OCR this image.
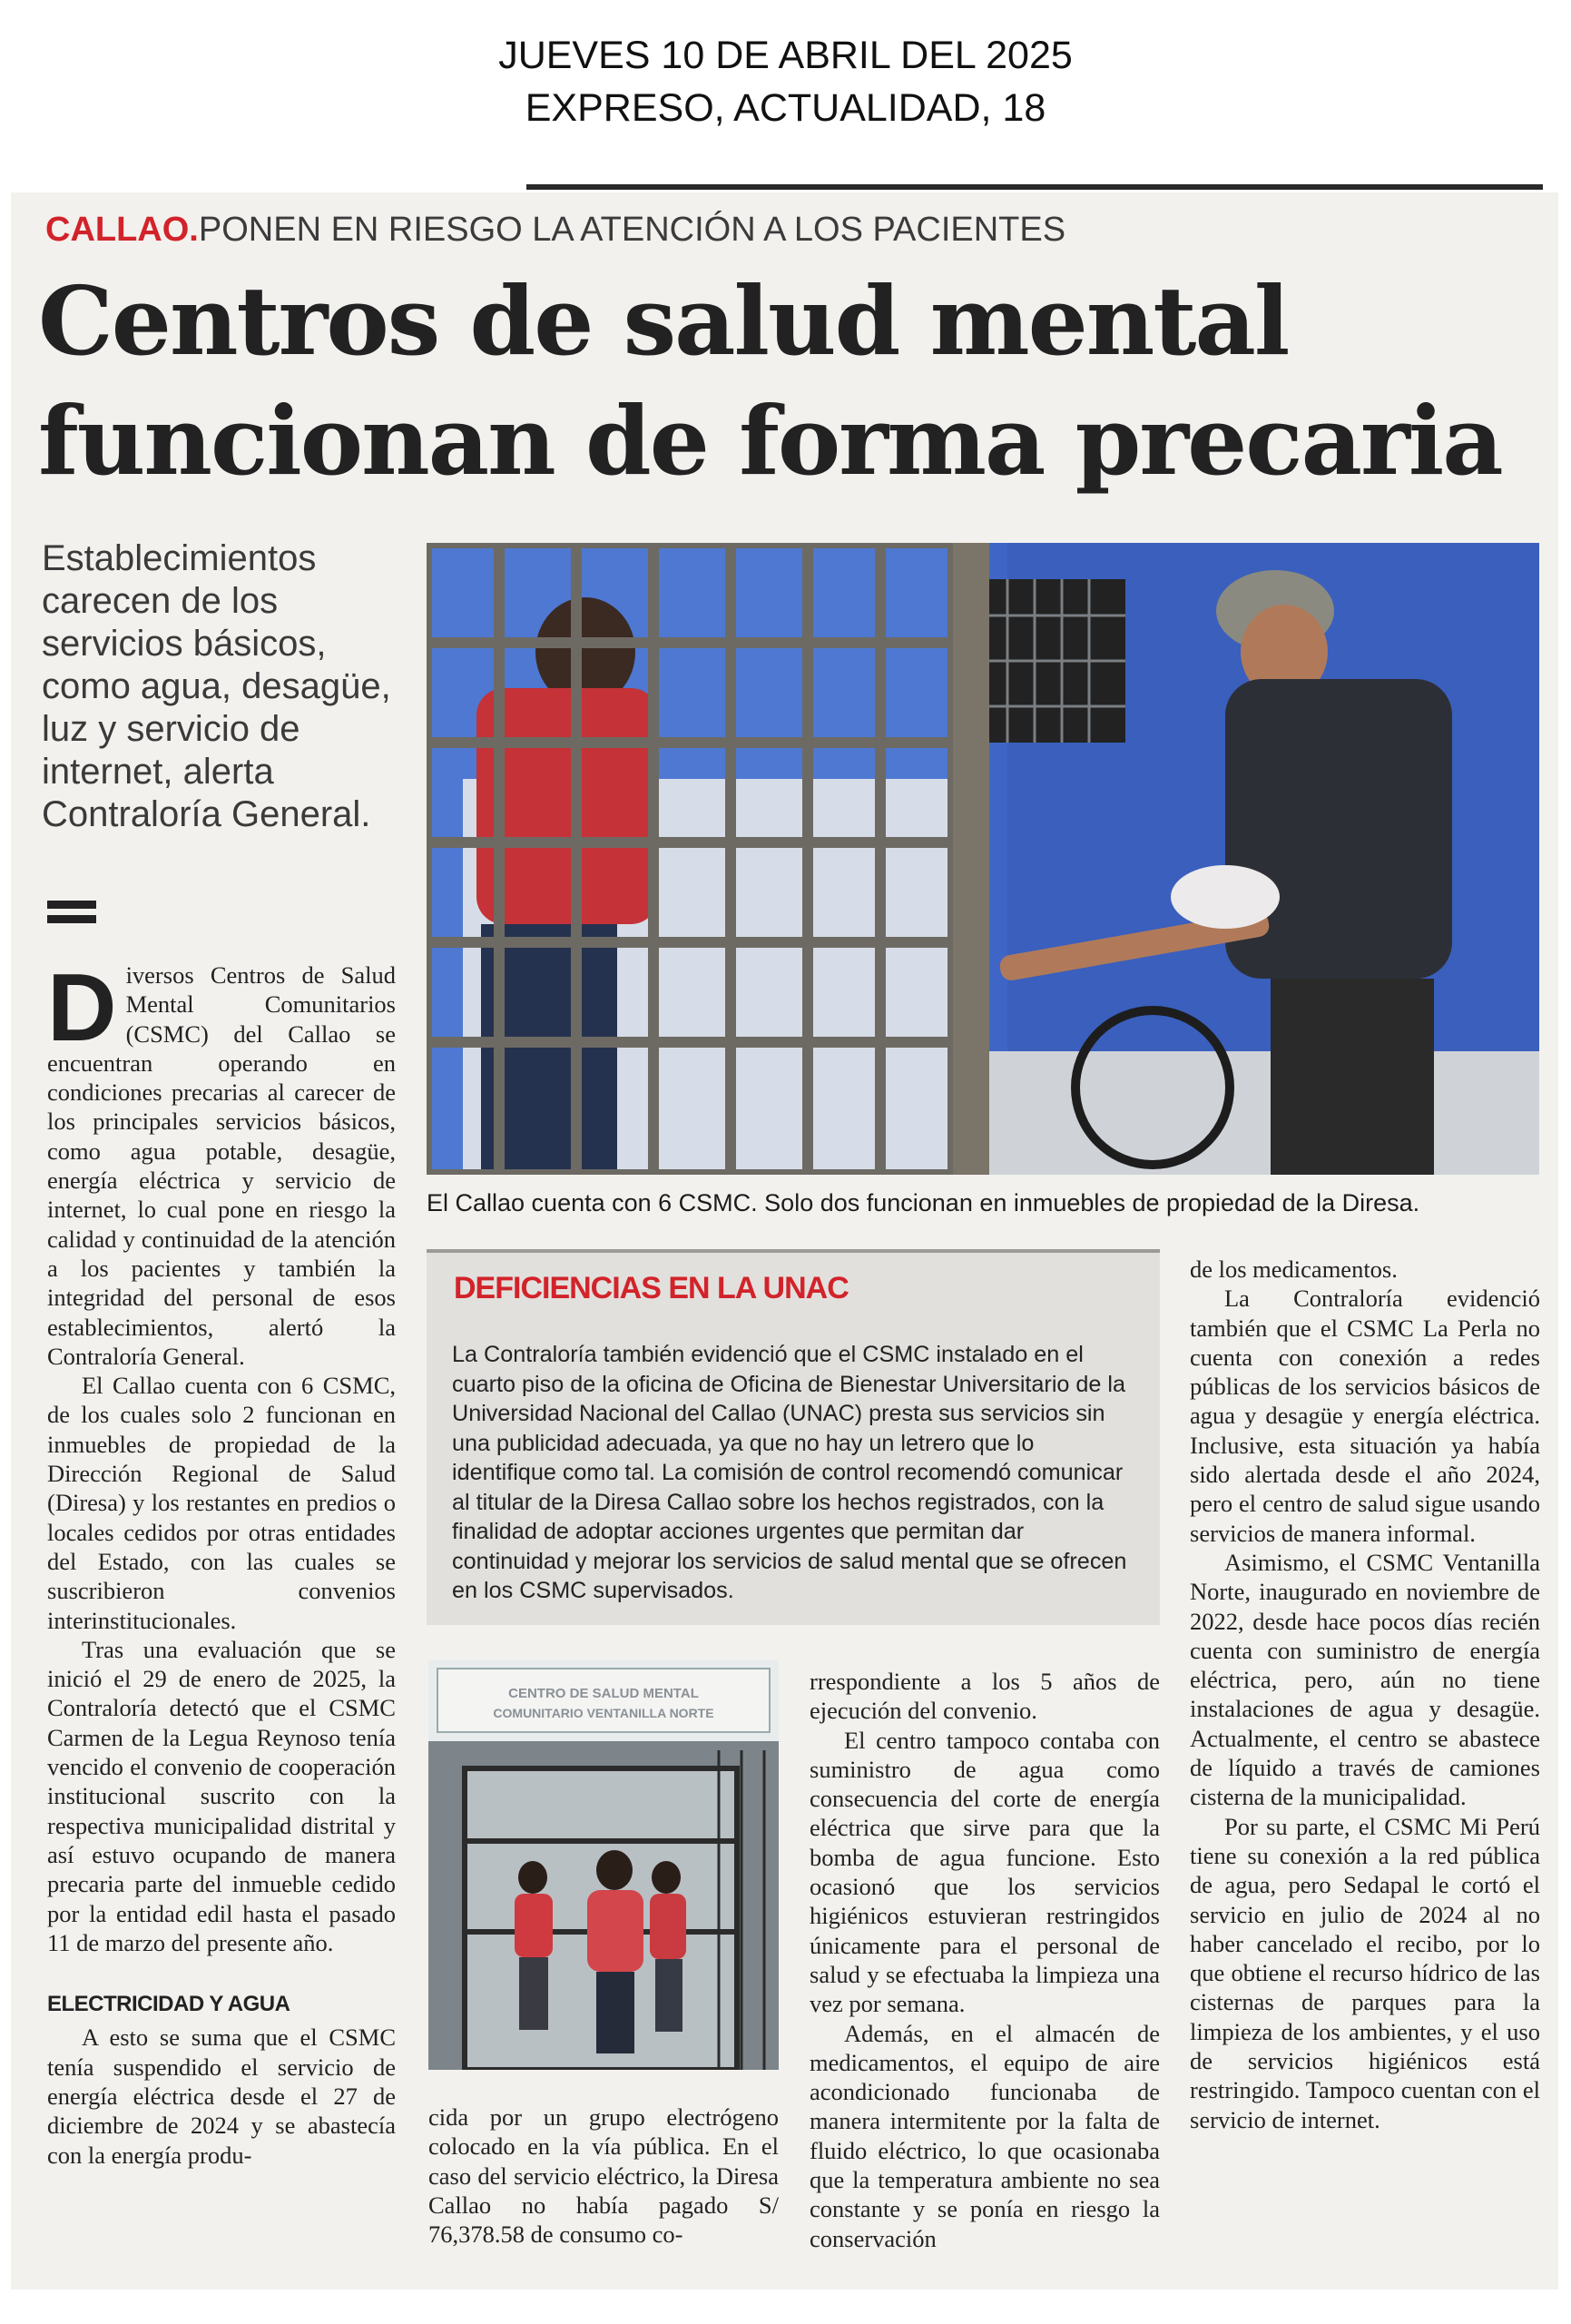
JUEVES 10 DE ABRIL DEL 2025
EXPRESO, ACTUALIDAD, 18
CALLAO.PONEN EN RIESGO LA ATENCIÓN A LOS PACIENTES
Centros de salud mental
funcionan de forma precaria
Establecimientos carecen de los servicios básicos, como agua, desagüe, luz y servicio de internet, alerta Contraloría General.
El Callao cuenta con 6 CSMC. Solo dos funcionan en inmuebles de propiedad de la Diresa.

Diversos Centros de Salud Mental Comunitarios (CSMC) del Callao se encuentran operando en condiciones precarias al carecer de los principales servicios básicos, como agua potable, desagüe, energía eléctrica y servicio de internet, lo cual pone en riesgo la calidad y continuidad de la atención a los pacientes y también la integridad del personal de esos establecimientos, alertó la Contraloría General.

El Callao cuenta con 6 CSMC, de los cuales solo 2 funcionan en inmuebles de propiedad de la Dirección Regional de Salud (Diresa) y los restantes en predios o locales cedidos por otras entidades del Estado, con las cuales se suscribieron convenios interinstitucionales.

Tras una evaluación que se inició el 29 de enero de 2025, la Contraloría detectó que el CSMC Carmen de la Legua Reynoso tenía vencido el convenio de cooperación institucional suscrito con la respectiva municipalidad distrital y así estuvo ocupando de manera precaria parte del inmueble cedido por la entidad edil hasta el pasado 11 de marzo del presente año.

ELECTRICIDAD Y AGUA

A esto se suma que el CSMC tenía suspendido el servicio de energía eléctrica desde el 27 de diciembre de 2024 y se abastecía con la energía produ-

DEFICIENCIAS EN LA UNAC
La Contraloría también evidenció que el CSMC instalado en el cuarto piso de la oficina de Oficina de Bienestar Universitario de la Universidad Nacional del Callao (UNAC) presta sus servicios sin una publicidad adecuada, ya que no hay un letrero que lo identifique como tal. La comisión de control recomendó comunicar al titular de la Diresa Callao sobre los hechos registrados, con la finalidad de adoptar acciones urgentes que permitan dar continuidad y mejorar los servicios de salud mental que se ofrecen en los CSMC supervisados.
CENTRO DE SALUD MENTAL
COMUNITARIO VENTANILLA NORTE

cida por un grupo electrógeno colocado en la vía pública. En el caso del servicio eléctrico, la Diresa Callao no había pagado S/ 76,378.58 de consumo co-

rrespondiente a los 5 años de ejecución del convenio.

El centro tampoco contaba con suministro de agua como consecuencia del corte de energía eléctrica que sirve para que la bomba de agua funcione. Esto ocasionó que los servicios higiénicos estuvieran restringidos únicamente para el personal de salud y se efectuaba la limpieza una vez por semana.

Además, en el almacén de medicamentos, el equipo de aire acondicionado funcionaba de manera intermitente por la falta de fluido eléctrico, lo que ocasionaba que la temperatura ambiente no sea constante y se ponía en riesgo la conservación

de los medicamentos.

La Contraloría evidenció también que el CSMC La Perla no cuenta con conexión a redes públicas de los servicios básicos de agua y desagüe y energía eléctrica. Inclusive, esta situación ya había sido alertada desde el año 2024, pero el centro de salud sigue usando servicios de manera informal.

Asimismo, el CSMC Ventanilla Norte, inaugurado en noviembre de 2022, desde hace pocos días recién cuenta con suministro de energía eléctrica, pero, aún no tiene instalaciones de agua y desagüe. Actualmente, el centro se abastece de líquido a través de camiones cisterna de la municipalidad.

Por su parte, el CSMC Mi Perú tiene su conexión a la red pública de agua, pero Sedapal le cortó el servicio en julio de 2024 al no haber cancelado el recibo, por lo que obtiene el recurso hídrico de las cisternas de parques para la limpieza de los ambientes, y el uso de servicios higiénicos está restringido. Tampoco cuentan con el servicio de internet.
